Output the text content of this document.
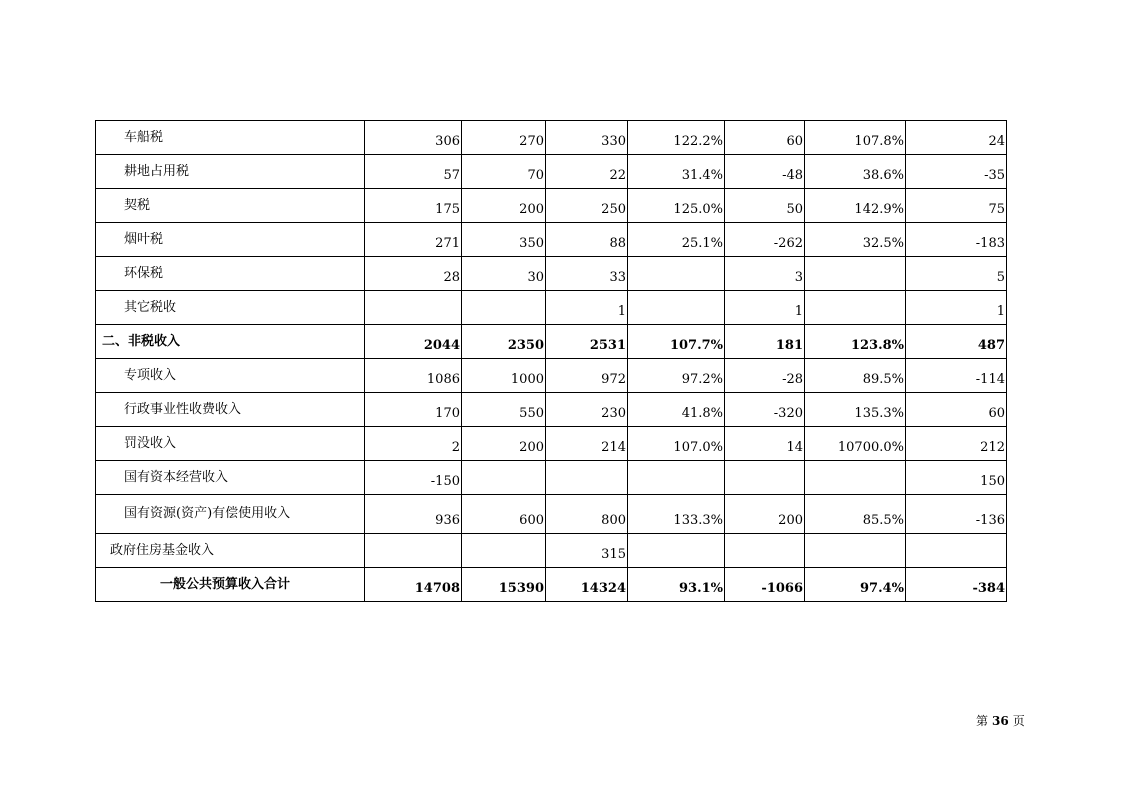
车船税	306	270	330	122.2%	60	107.8%	24
耕地占用税	57	70	22	31.4%	-48	38.6%	-35
契税	175	200	250	125.0%	50	142.9%	75
烟叶税	271	350	88	25.1%	-262	32.5%	-183
环保税	28	30	33		3		5
其它税收			1		1		1
二、非税收入	2044	2350	2531	107.7%	181	123.8%	487
专项收入	1086	1000	972	97.2%	-28	89.5%	-114
行政事业性收费收入	170	550	230	41.8%	-320	135.3%	60
罚没收入	2	200	214	107.0%	14	10700.0%	212
国有资本经营收入	-150						150
国有资源(资产)有偿使用收入	936	600	800	133.3%	200	85.5%	-136
政府住房基金收入			315				
一般公共预算收入合计	14708	15390	14324	93.1%	-1066	97.4%	-384
第 36 页
